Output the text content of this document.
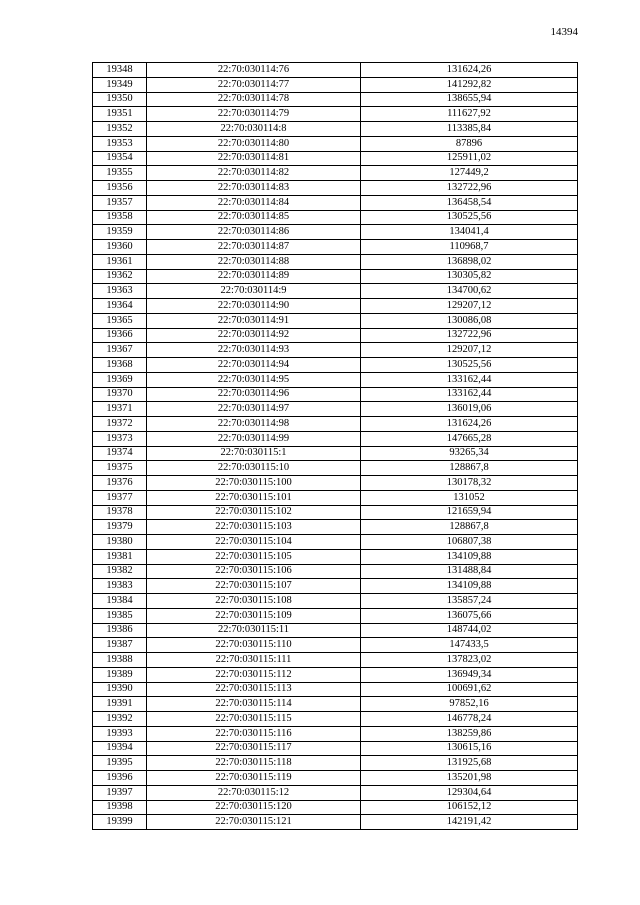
14394
19348	22:70:030114:76	131624,26
19349	22:70:030114:77	141292,82
19350	22:70:030114:78	138655,94
19351	22:70:030114:79	111627,92
19352	22:70:030114:8	113385,84
19353	22:70:030114:80	87896
19354	22:70:030114:81	125911,02
19355	22:70:030114:82	127449,2
19356	22:70:030114:83	132722,96
19357	22:70:030114:84	136458,54
19358	22:70:030114:85	130525,56
19359	22:70:030114:86	134041,4
19360	22:70:030114:87	110968,7
19361	22:70:030114:88	136898,02
19362	22:70:030114:89	130305,82
19363	22:70:030114:9	134700,62
19364	22:70:030114:90	129207,12
19365	22:70:030114:91	130086,08
19366	22:70:030114:92	132722,96
19367	22:70:030114:93	129207,12
19368	22:70:030114:94	130525,56
19369	22:70:030114:95	133162,44
19370	22:70:030114:96	133162,44
19371	22:70:030114:97	136019,06
19372	22:70:030114:98	131624,26
19373	22:70:030114:99	147665,28
19374	22:70:030115:1	93265,34
19375	22:70:030115:10	128867,8
19376	22:70:030115:100	130178,32
19377	22:70:030115:101	131052
19378	22:70:030115:102	121659,94
19379	22:70:030115:103	128867,8
19380	22:70:030115:104	106807,38
19381	22:70:030115:105	134109,88
19382	22:70:030115:106	131488,84
19383	22:70:030115:107	134109,88
19384	22:70:030115:108	135857,24
19385	22:70:030115:109	136075,66
19386	22:70:030115:11	148744,02
19387	22:70:030115:110	147433,5
19388	22:70:030115:111	137823,02
19389	22:70:030115:112	136949,34
19390	22:70:030115:113	100691,62
19391	22:70:030115:114	97852,16
19392	22:70:030115:115	146778,24
19393	22:70:030115:116	138259,86
19394	22:70:030115:117	130615,16
19395	22:70:030115:118	131925,68
19396	22:70:030115:119	135201,98
19397	22:70:030115:12	129304,64
19398	22:70:030115:120	106152,12
19399	22:70:030115:121	142191,42
